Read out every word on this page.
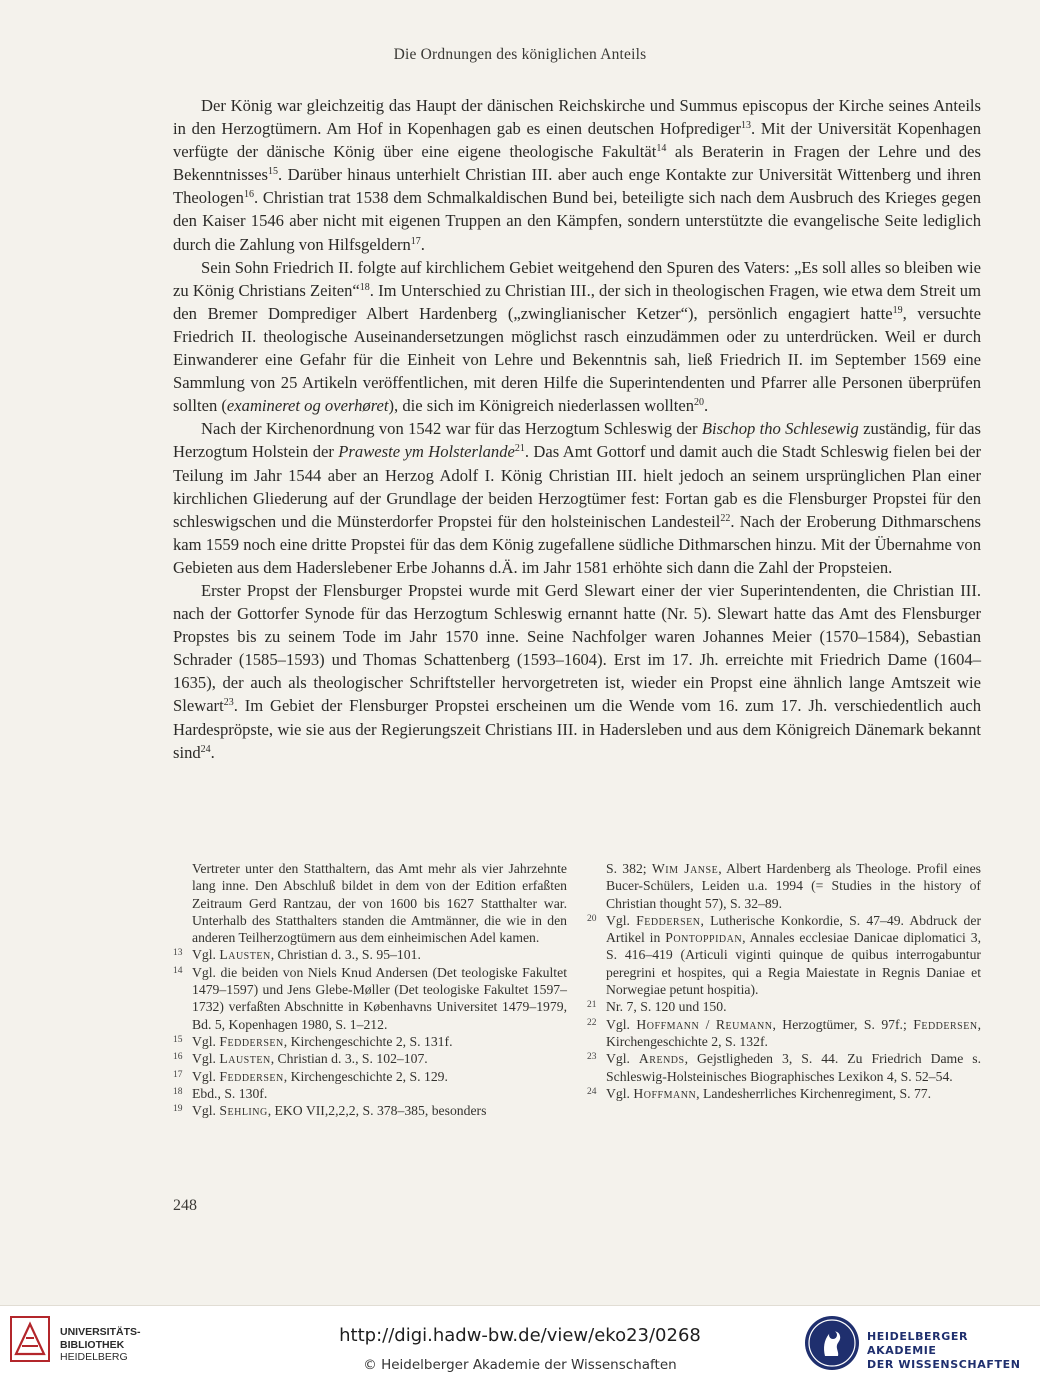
Die Ordnungen des königlichen Anteils

Der König war gleichzeitig das Haupt der dänischen Reichskirche und Summus episcopus der Kirche seines Anteils in den Herzogtümern. Am Hof in Kopenhagen gab es einen deutschen Hofprediger$^{13}$. Mit der Universität Kopenhagen verfügte der dänische König über eine eigene theologische Fakultät$^{14}$ als Beraterin in Fragen der Lehre und des Bekenntnisses$^{15}$. Darüber hinaus unterhielt Christian III. aber auch enge Kontakte zur Universität Wittenberg und ihren Theologen$^{16}$. Christian trat 1538 dem Schmalkaldischen Bund bei, beteiligte sich nach dem Ausbruch des Krieges gegen den Kaiser 1546 aber nicht mit eigenen Truppen an den Kämpfen, sondern unterstützte die evangelische Seite lediglich durch die Zahlung von Hilfsgeldern$^{17}$.

Sein Sohn Friedrich II. folgte auf kirchlichem Gebiet weitgehend den Spuren des Vaters: „Es soll alles so bleiben wie zu König Christians Zeiten“$^{18}$. Im Unterschied zu Christian III., der sich in theologischen Fragen, wie etwa dem Streit um den Bremer Domprediger Albert Hardenberg („zwinglianischer Ketzer“), persönlich engagiert hatte$^{19}$, versuchte Friedrich II. theologische Auseinandersetzungen möglichst rasch einzudämmen oder zu unterdrücken. Weil er durch Einwanderer eine Gefahr für die Einheit von Lehre und Bekenntnis sah, ließ Friedrich II. im September 1569 eine Sammlung von 25 Artikeln veröffentlichen, mit deren Hilfe die Superintendenten und Pfarrer alle Personen überprüfen sollten (examineret og overhøret), die sich im Königreich niederlassen wollten$^{20}$.

Nach der Kirchenordnung von 1542 war für das Herzogtum Schleswig der Bischop tho Schlesewig zuständig, für das Herzogtum Holstein der Praweste ym Holsterlande$^{21}$. Das Amt Gottorf und damit auch die Stadt Schleswig fielen bei der Teilung im Jahr 1544 aber an Herzog Adolf I. König Christian III. hielt jedoch an seinem ursprünglichen Plan einer kirchlichen Gliederung auf der Grundlage der beiden Herzogtümer fest: Fortan gab es die Flensburger Propstei für den schleswigschen und die Münsterdorfer Propstei für den holsteinischen Landesteil$^{22}$. Nach der Eroberung Dithmarschens kam 1559 noch eine dritte Propstei für das dem König zugefallene südliche Dithmarschen hinzu. Mit der Übernahme von Gebieten aus dem Haderslebener Erbe Johanns d.Ä. im Jahr 1581 erhöhte sich dann die Zahl der Propsteien.

Erster Propst der Flensburger Propstei wurde mit Gerd Slewart einer der vier Superintendenten, die Christian III. nach der Gottorfer Synode für das Herzogtum Schleswig ernannt hatte (Nr. 5). Slewart hatte das Amt des Flensburger Propstes bis zu seinem Tode im Jahr 1570 inne. Seine Nachfolger waren Johannes Meier (1570–1584), Sebastian Schrader (1585–1593) und Thomas Schattenberg (1593–1604). Erst im 17. Jh. erreichte mit Friedrich Dame (1604–1635), der auch als theologischer Schriftsteller hervorgetreten ist, wieder ein Propst eine ähnlich lange Amtszeit wie Slewart$^{23}$. Im Gebiet der Flensburger Propstei erscheinen um die Wende vom 16. zum 17. Jh. verschiedentlich auch Hardespröpste, wie sie aus der Regierungszeit Christians III. in Hadersleben und aus dem Königreich Dänemark bekannt sind$^{24}$.

Vertreter unter den Statthaltern, das Amt mehr als vier Jahrzehnte lang inne. Den Abschluß bildet in dem von der Edition erfaßten Zeitraum Gerd Rantzau, der von 1600 bis 1627 Statthalter war. Unterhalb des Statthalters standen die Amtmänner, die wie in den anderen Teilherzogtümern aus dem einheimischen Adel kamen.
13 Vgl. Lausten, Christian d. 3., S. 95–101.
14 Vgl. die beiden von Niels Knud Andersen (Det teologiske Fakultet 1479–1597) und Jens Glebe-Møller (Det teologiske Fakultet 1597–1732) verfaßten Abschnitte in Københavns Universitet 1479–1979, Bd. 5, Kopenhagen 1980, S. 1–212.
15 Vgl. Feddersen, Kirchengeschichte 2, S. 131f.
16 Vgl. Lausten, Christian d. 3., S. 102–107.
17 Vgl. Feddersen, Kirchengeschichte 2, S. 129.
18 Ebd., S. 130f.
19 Vgl. Sehling, EKO VII,2,2,2, S. 378–385, besonders
S. 382; Wim Janse, Albert Hardenberg als Theologe. Profil eines Bucer-Schülers, Leiden u.a. 1994 (= Studies in the history of Christian thought 57), S. 32–89.
20 Vgl. Feddersen, Lutherische Konkordie, S. 47–49. Abdruck der Artikel in Pontoppidan, Annales ecclesiae Danicae diplomatici 3, S. 416–419 (Articuli viginti quinque de quibus interrogabuntur peregrini et hospites, qui a Regia Maiestate in Regnis Daniae et Norwegiae petunt hospitia).
21 Nr. 7, S. 120 und 150.
22 Vgl. Hoffmann / Reumann, Herzogtümer, S. 97f.; Feddersen, Kirchengeschichte 2, S. 132f.
23 Vgl. Arends, Gejstligheden 3, S. 44. Zu Friedrich Dame s. Schleswig-Holsteinisches Biographisches Lexikon 4, S. 52–54.
24 Vgl. Hoffmann, Landesherrliches Kirchenregiment, S. 77.
248
UNIVERSITÄTS-
BIBLIOTHEK
HEIDELBERG
http://digi.hadw-bw.de/view/eko23/0268
© Heidelberger Akademie der Wissenschaften
HEIDELBERGER AKADEMIE
DER WISSENSCHAFTEN
